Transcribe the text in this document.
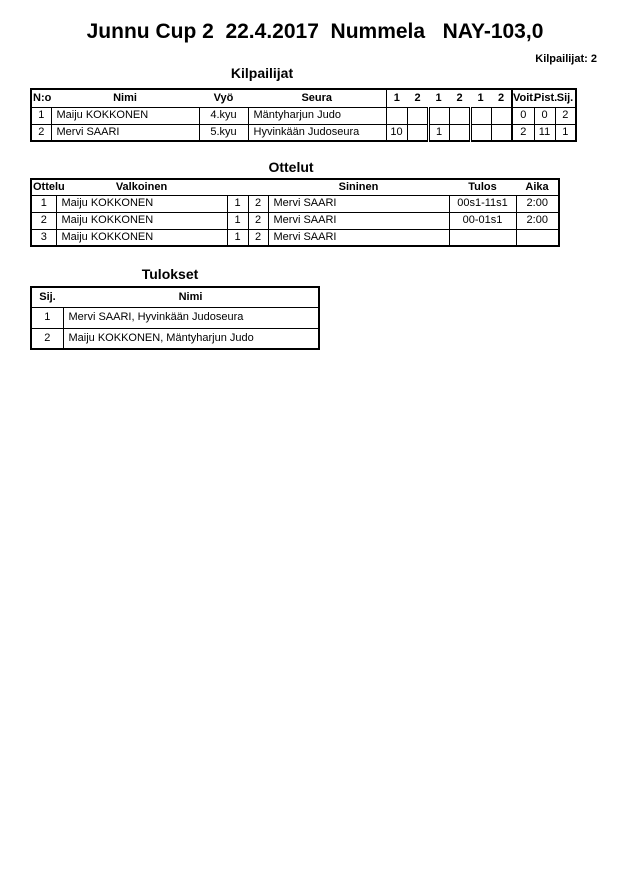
Junnu Cup 2  22.4.2017  Nummela   NAY-103,0
Kilpailijat: 2
Kilpailijat
N:o	Nimi	Vyö	Seura	1	2	1	2	1	2	Voit.	Pist.	Sij.
1	Maiju KOKKONEN	4.kyu	Mäntyharjun Judo							0	0	2
2	Mervi SAARI	5.kyu	Hyvinkään Judoseura	10		1				2	11	1
Ottelut
Ottelu	Valkoinen			Sininen	Tulos	Aika
1	Maiju KOKKONEN	1	2	Mervi SAARI	00s1-11s1	2:00
2	Maiju KOKKONEN	1	2	Mervi SAARI	00-01s1	2:00
3	Maiju KOKKONEN	1	2	Mervi SAARI		
Tulokset
Sij.	Nimi
1	Mervi SAARI, Hyvinkään Judoseura
2	Maiju KOKKONEN, Mäntyharjun Judo
